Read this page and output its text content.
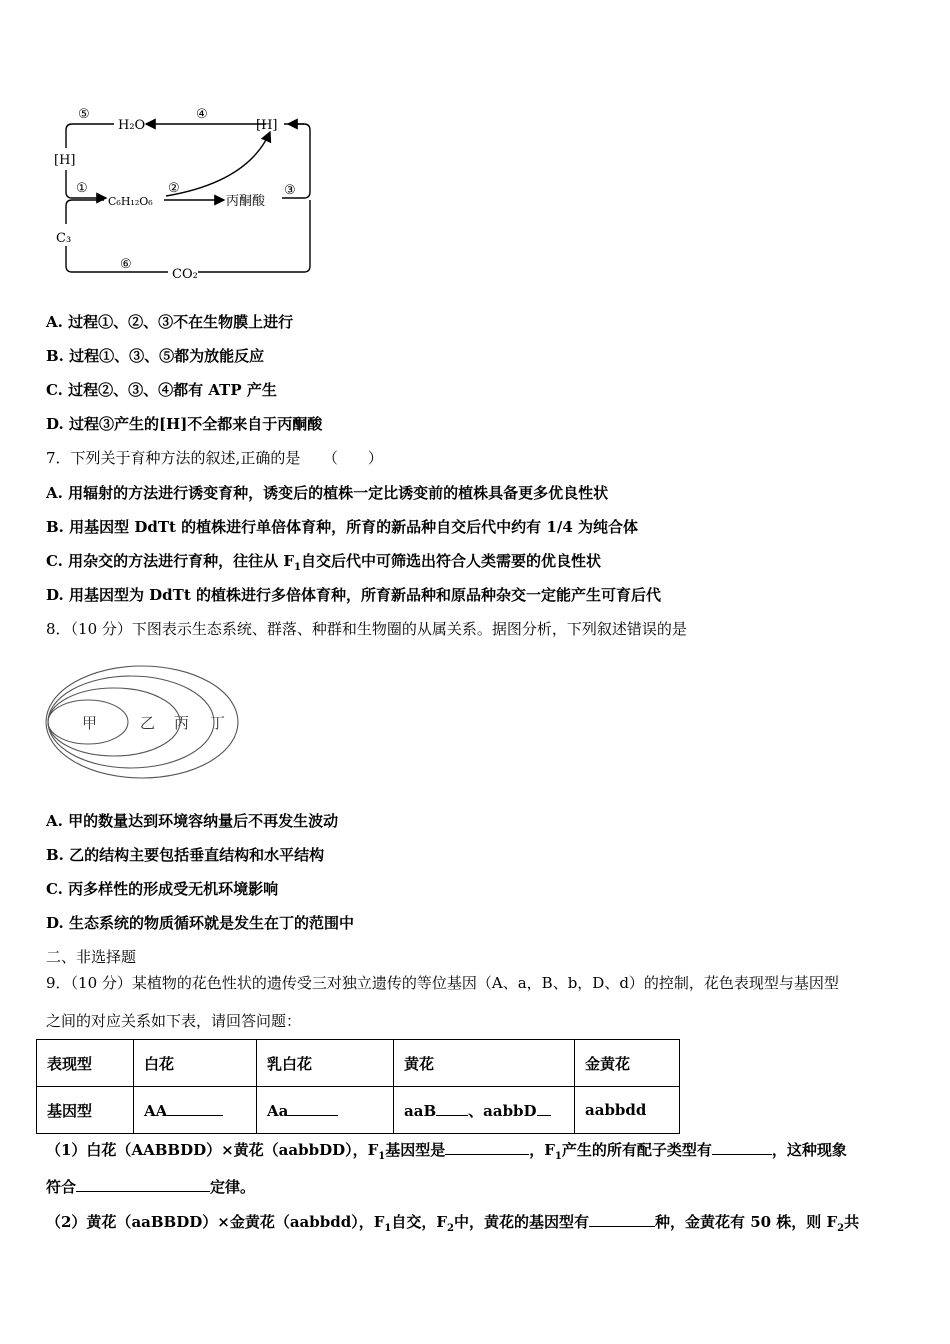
⑤	④
H₂O	[H]
[H]
①
C₆H₁₂O₆
②
丙酮酸
③
C₃
⑥
CO₂
A. 过程①、②、③不在生物膜上进行
B. 过程①、③、⑤都为放能反应
C. 过程②、③、④都有 ATP 产生
D. 过程③产生的[H]不全都来自于丙酮酸
7．下列关于育种方法的叙述,正确的是　　（　　）
A. 用辐射的方法进行诱变育种，诱变后的植株一定比诱变前的植株具备更多优良性状
B. 用基因型 DdTt 的植株进行单倍体育种，所育的新品种自交后代中约有 1/4 为纯合体
C. 用杂交的方法进行育种，往往从 $F_1$自交后代中可筛选出符合人类需要的优良性状
D. 用基因型为 DdTt 的植株进行多倍体育种，所育新品种和原品种杂交一定能产生可育后代
8．（10 分）下图表示生态系统、群落、种群和生物圈的从属关系。据图分析，下列叙述错误的是
甲	乙 丙 丁
A. 甲的数量达到环境容纳量后不再发生波动
B. 乙的结构主要包括垂直结构和水平结构
C. 丙多样性的形成受无机环境影响
D. 生态系统的物质循环就是发生在丁的范围中
二、非选择题
9．（10 分）某植物的花色性状的遗传受三对独立遗传的等位基因（A、a，B、b，D、d）的控制，花色表现型与基因型
之间的对应关系如下表，请回答问题：
表现型	白花	乳白花	黄花	金黄花
基因型	AA	Aa	aaB 、aabbD	aabbdd
（1）白花（AABBDD）×黄花（aabbDD），$F_1$基因型是	，$F_1$产生的所有配子类型有	，这种现象
符合	定律。
（2）黄花（aaBBDD）×金黄花（aabbdd），$F_1$自交，$F_2$中，黄花的基因型有	种，金黄花有 50 株，则 $F_2$共
